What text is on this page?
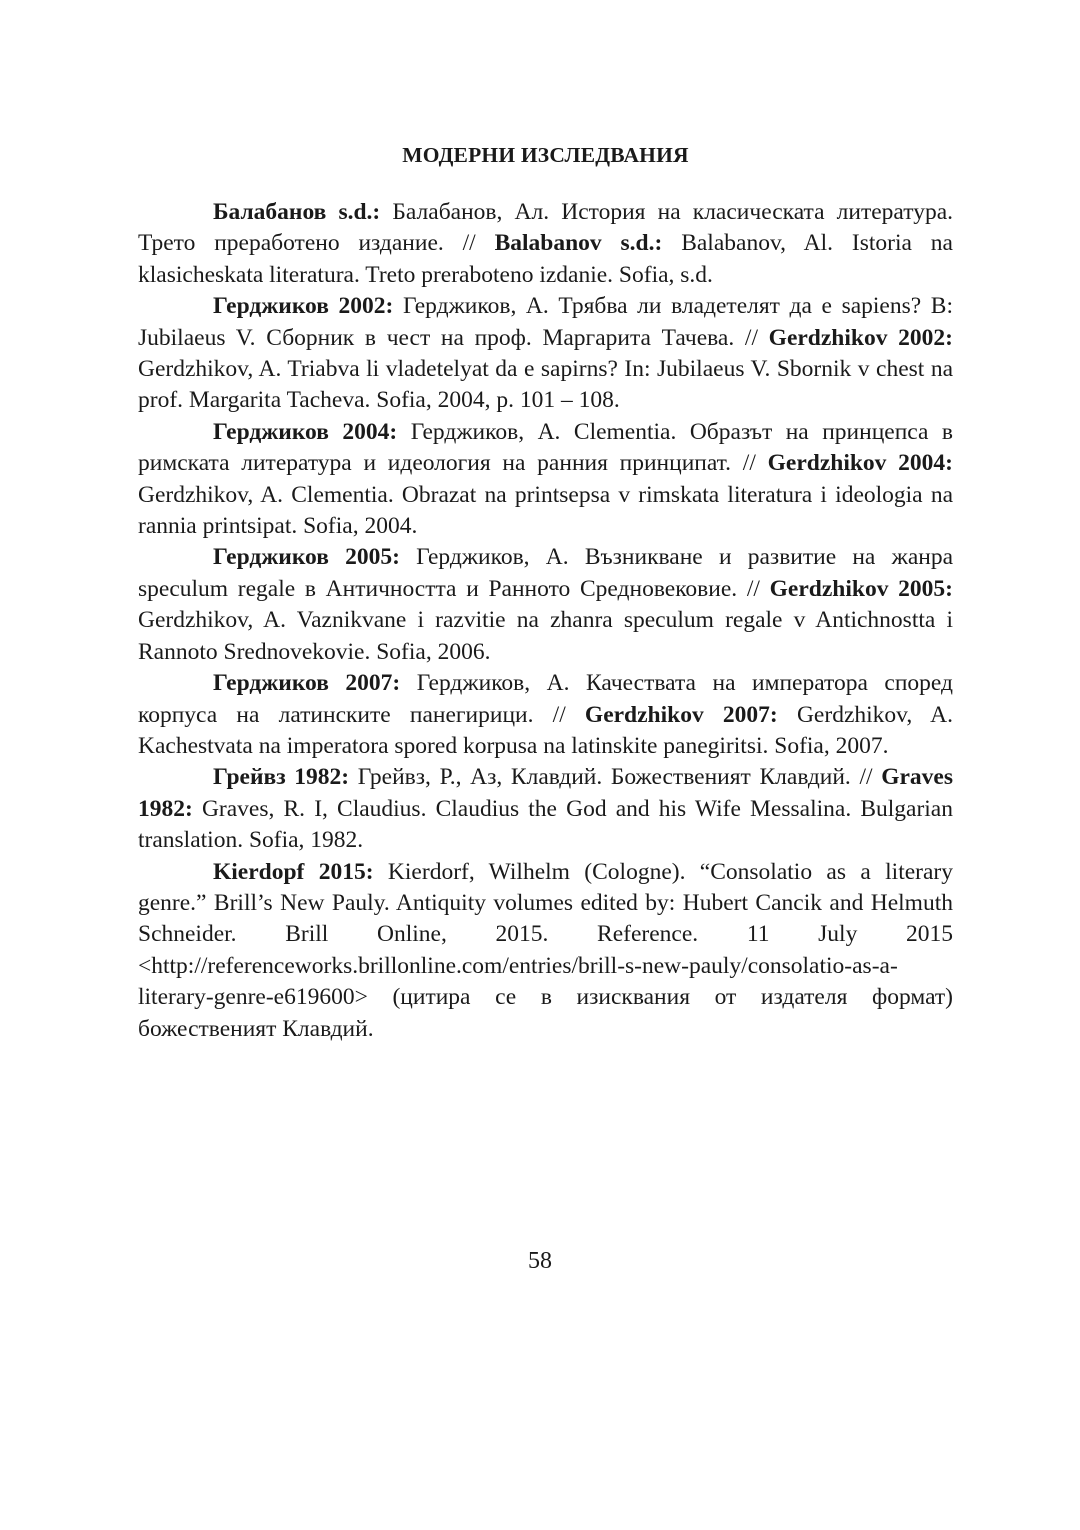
МОДЕРНИ ИЗСЛЕДВАНИЯ

Балабанов s.d.: Балабанов, Ал. История на класическата литература. Трето преработено издание. // Balabanov s.d.: Balabanov, Al. Istoria na klasicheskata literatura. Treto preraboteno izdanie. Sofia, s.d.

Герджиков 2002: Герджиков, А. Трябва ли владетелят да е sapiens? В: Jubilaeus V. Сборник в чест на проф. Маргарита Тачева. // Gerdzhikov 2002: Gerdzhikov, A. Triabva li vladetelyat da e sapirns? In: Jubilaeus V. Sbornik v chest na prof. Margarita Tacheva. Sofia, 2004, p. 101 – 108.

Герджиков 2004: Герджиков, А. Clementia. Образът на принцепса в римската литература и идеология на ранния принципат. // Gerdzhikov 2004: Gerdzhikov, A. Clementia. Obrazat na printsepsa v rimskata literatura i ideologia na rannia printsipat. Sofia, 2004.

Герджиков 2005: Герджиков, А. Възникване и развитие на жанра speculum regale в Античността и Ранното Средновековие. // Gerdzhikov 2005: Gerdzhikov, A. Vaznikvane i razvitie na zhanra speculum regale v Antichnostta i Rannoto Srednovekovie. Sofia, 2006.

Герджиков 2007: Герджиков, А. Качествата на императора според корпуса на латинските панегирици. // Gerdzhikov 2007: Gerdzhikov, A. Kachestvata na imperatora spored korpusa na latinskite panegiritsi. Sofia, 2007.

Грейвз 1982: Грейвз, Р., Аз, Клавдий. Божественият Клавдий. // Graves 1982: Graves, R. I, Claudius. Claudius the God and his Wife Messalina. Bulgarian translation. Sofia, 1982.

Kierdopf 2015: Kierdorf, Wilhelm (Cologne). “Consolatio as a literary genre.” Brill’s New Pauly. Antiquity volumes edited by: Hubert Cancik and Helmuth Schneider. Brill Online, 2015. Reference. 11 July 2015 <http://referenceworks.brillonline.com/entries/brill-s-new-pauly/consolatio-as-a-literary-genre-e619600> (цитира се в изисквания от издателя формат) божественият Клавдий.

58
